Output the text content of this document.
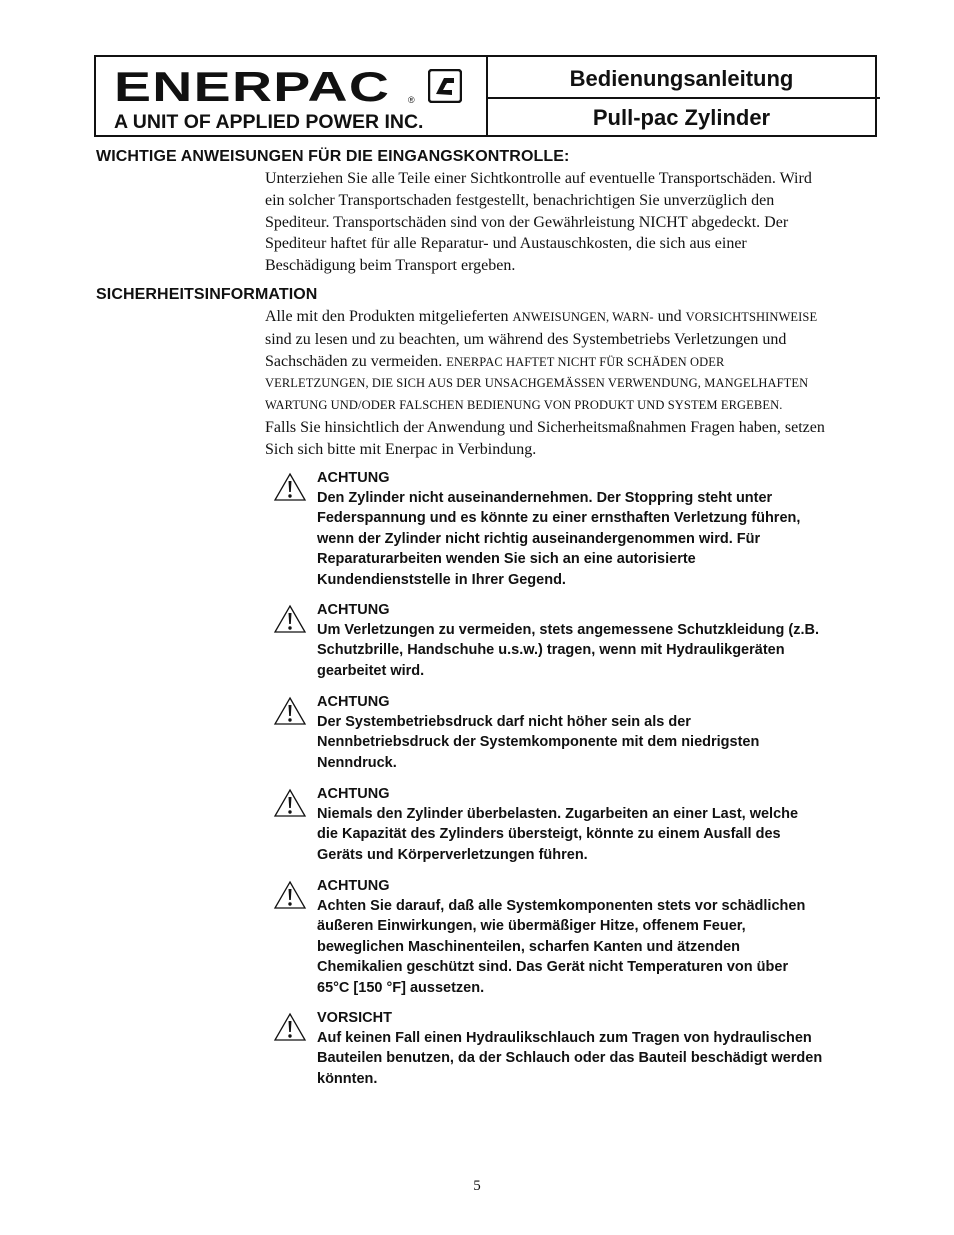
ENERPAC ®
A UNIT OF APPLIED POWER INC.
Bedienungsanleitung
Pull-pac Zylinder
WICHTIGE ANWEISUNGEN FÜR DIE EINGANGSKONTROLLE:
Unterziehen Sie alle Teile einer Sichtkontrolle auf eventuelle Transportschäden. Wird
ein solcher Transportschaden festgestellt, benachrichtigen Sie unverzüglich den
Spediteur. Transportschäden sind von der Gewährleistung NICHT abgedeckt. Der
Spediteur haftet für alle Reparatur- und Austauschkosten, die sich aus einer
Beschädigung beim Transport ergeben.
SICHERHEITSINFORMATION
Alle mit den Produkten mitgelieferten ANWEISUNGEN, WARN- und VORSICHTSHINWEISE
sind zu lesen und zu beachten, um während des Systembetriebs Verletzungen und
Sachschäden zu vermeiden. ENERPAC HAFTET NICHT FÜR SCHÄDEN ODER
VERLETZUNGEN, DIE SICH AUS DER UNSACHGEMÄSSEN VERWENDUNG, MANGELHAFTEN
WARTUNG UND/ODER FALSCHEN BEDIENUNG VON PRODUKT UND SYSTEM ERGEBEN.
Falls Sie hinsichtlich der Anwendung und Sicherheitsmaßnahmen Fragen haben, setzen
Sich sich bitte mit Enerpac in Verbindung.
ACHTUNG
Den Zylinder nicht auseinandernehmen. Der Stoppring steht unter
Federspannung und es könnte zu einer ernsthaften Verletzung führen,
wenn der Zylinder nicht richtig auseinandergenommen wird. Für
Reparaturarbeiten wenden Sie sich an eine autorisierte
Kundendienststelle in Ihrer Gegend.
ACHTUNG
Um Verletzungen zu vermeiden, stets angemessene Schutzkleidung (z.B.
Schutzbrille, Handschuhe u.s.w.) tragen, wenn mit Hydraulikgeräten
gearbeitet wird.
ACHTUNG
Der Systembetriebsdruck darf nicht höher sein als der
Nennbetriebsdruck der Systemkomponente mit dem niedrigsten
Nenndruck.
ACHTUNG
Niemals den Zylinder überbelasten. Zugarbeiten an einer Last, welche
die Kapazität des Zylinders übersteigt, könnte zu einem Ausfall des
Geräts und Körperverletzungen führen.
ACHTUNG
Achten Sie darauf, daß alle Systemkomponenten stets vor schädlichen
äußeren Einwirkungen, wie übermäßiger Hitze, offenem Feuer,
beweglichen Maschinenteilen, scharfen Kanten und ätzenden
Chemikalien geschützt sind. Das Gerät nicht Temperaturen von über
65°C [150 °F] aussetzen.
VORSICHT
Auf keinen Fall einen Hydraulikschlauch zum Tragen von hydraulischen
Bauteilen benutzen, da der Schlauch oder das Bauteil beschädigt werden
könnten.
5
